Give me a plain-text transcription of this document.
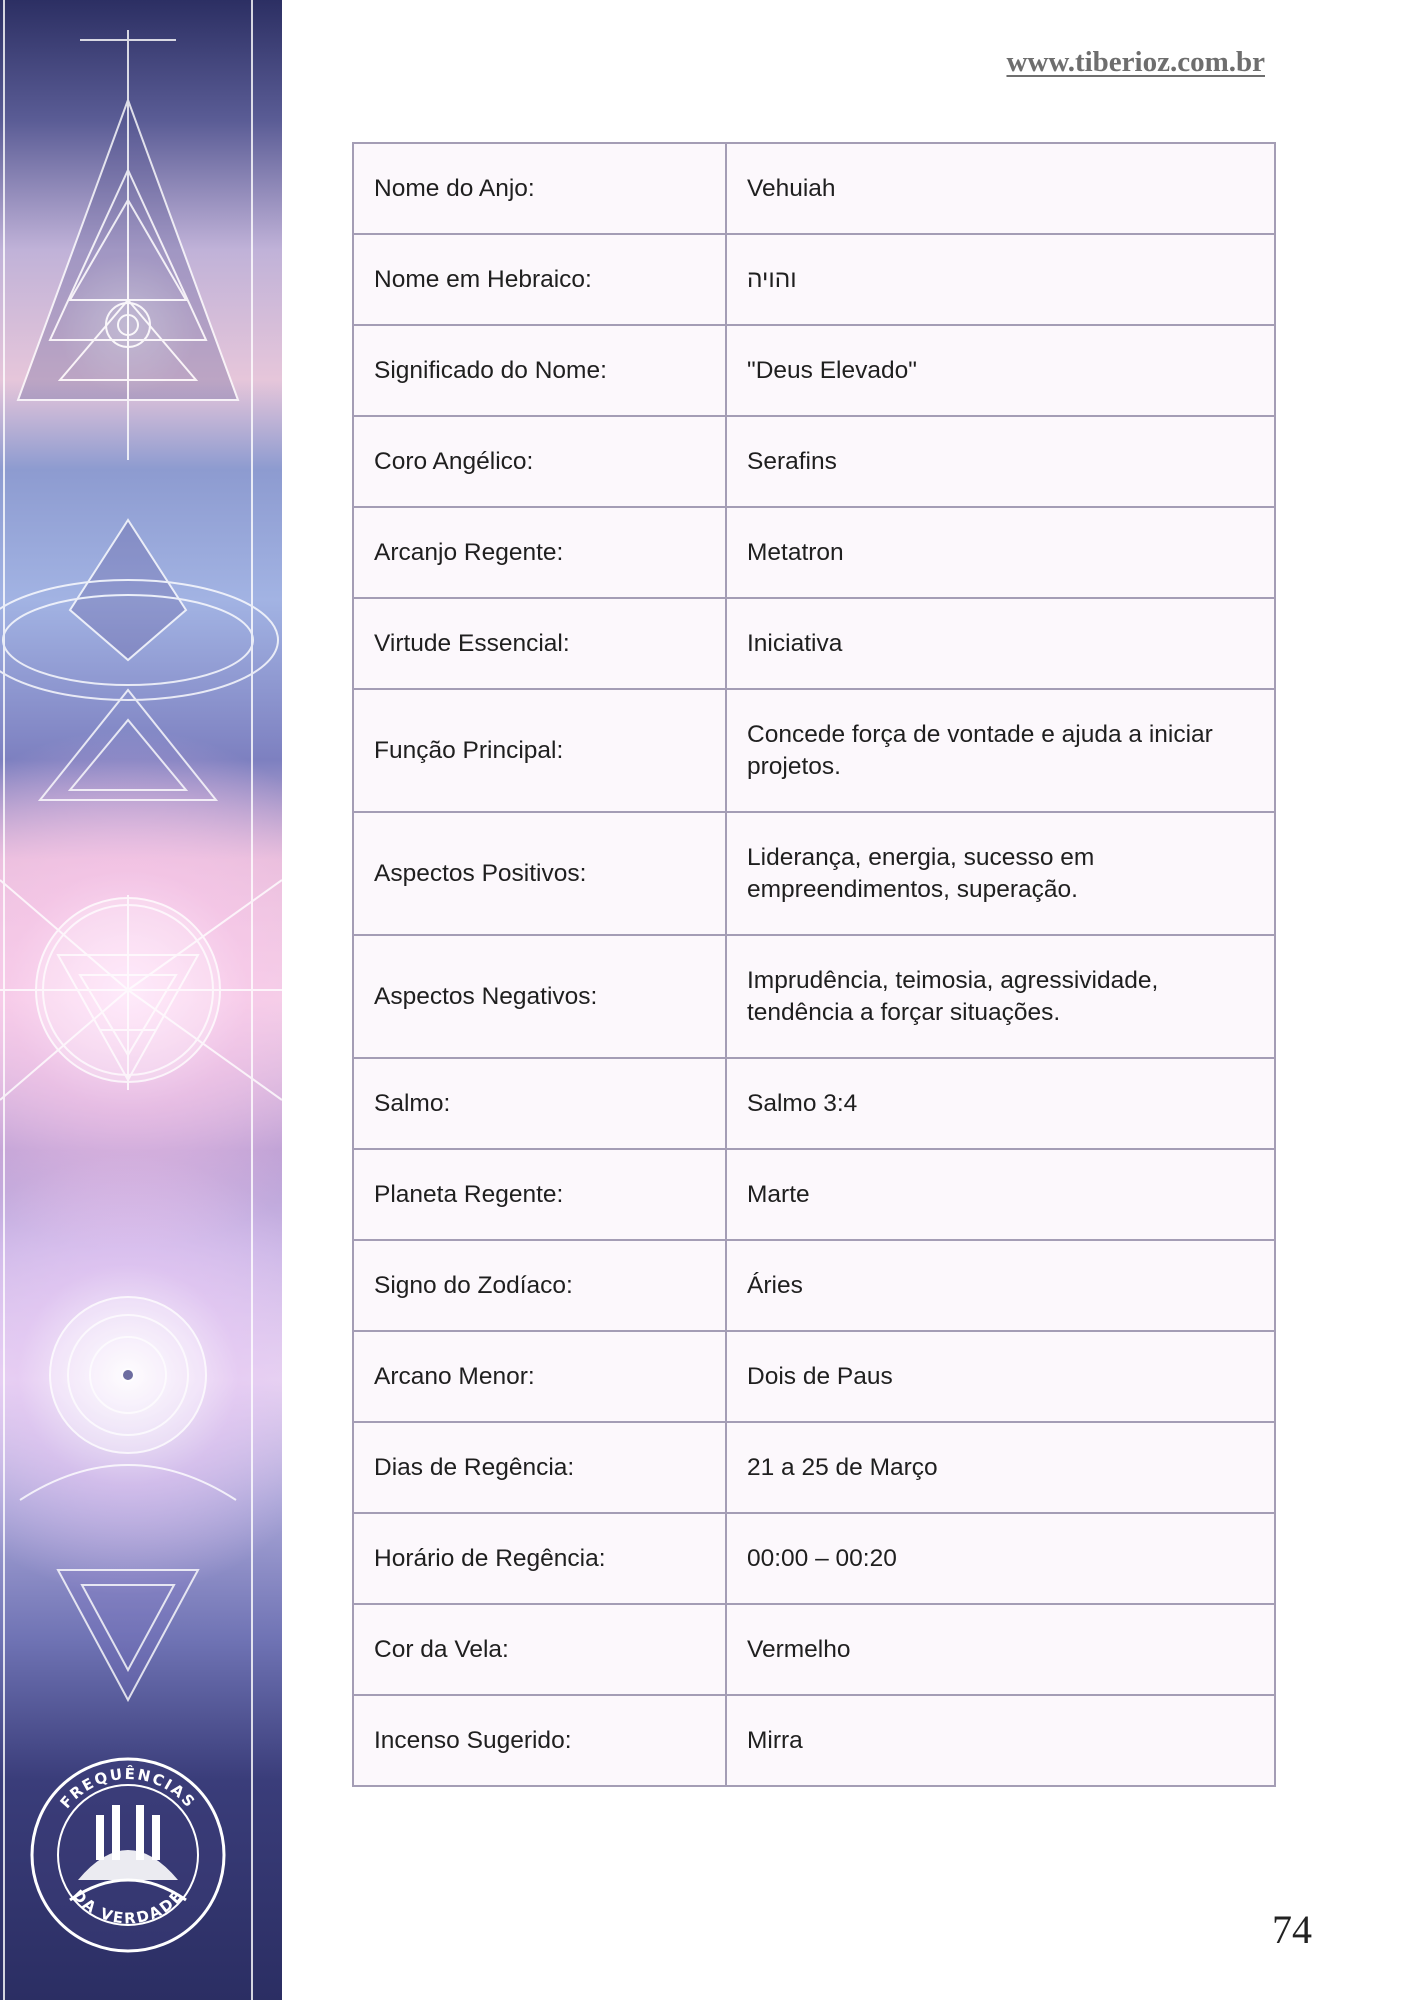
FREQUÊNCIAS
DA VERDADE
www.tiberioz.com.br
Nome do Anjo:	Vehuiah
Nome em Hebraico:	והויה
Significado do Nome:	"Deus Elevado"
Coro Angélico:	Serafins
Arcanjo Regente:	Metatron
Virtude Essencial:	Iniciativa
Função Principal:	Concede força de vontade e ajuda a iniciar projetos.
Aspectos Positivos:	Liderança, energia, sucesso em empreendimentos, superação.
Aspectos Negativos:	Imprudência, teimosia, agressividade, tendência a forçar situações.
Salmo:	Salmo 3:4
Planeta Regente:	Marte
Signo do Zodíaco:	Áries
Arcano Menor:	Dois de Paus
Dias de Regência:	21 a 25 de Março
Horário de Regência:	00:00 – 00:20
Cor da Vela:	Vermelho
Incenso Sugerido:	Mirra
74
